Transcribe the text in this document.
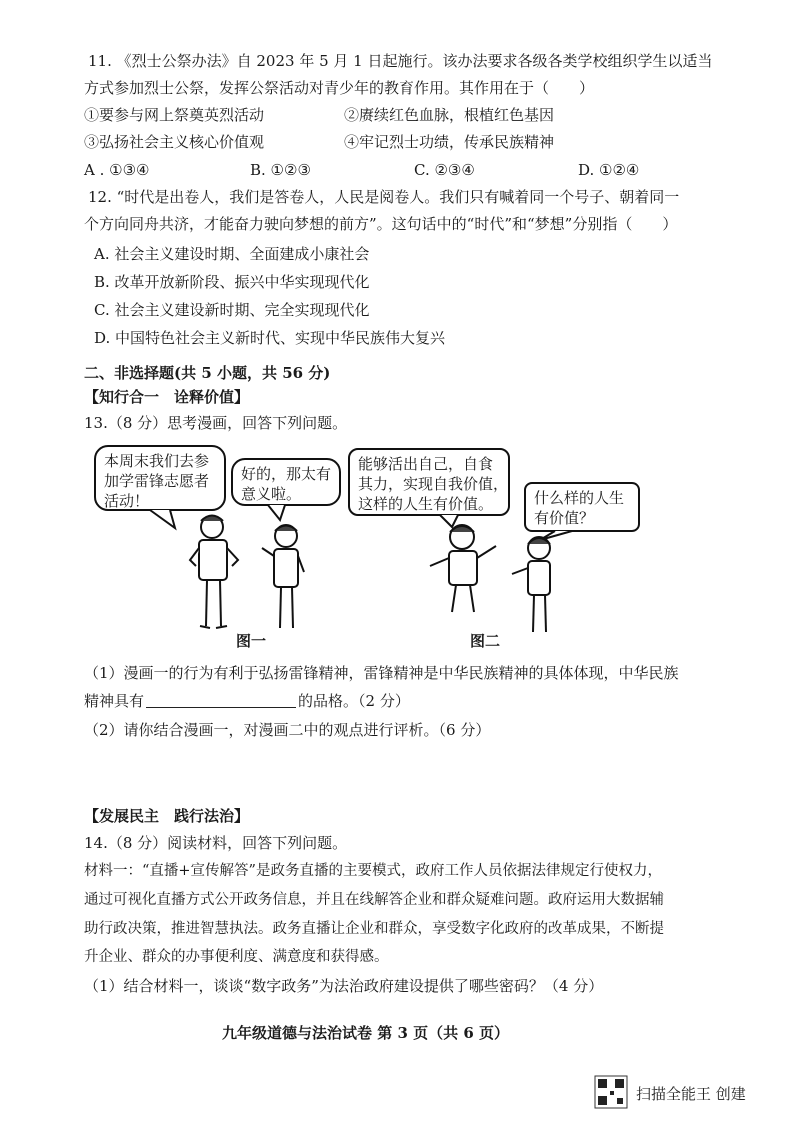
11. 《烈士公祭办法》自 2023 年 5 月 1 日起施行。该办法要求各级各类学校组织学生以适当
方式参加烈士公祭，发挥公祭活动对青少年的教育作用。其作用在于（　　）
①要参与网上祭奠英烈活动	②赓续红色血脉，根植红色基因
③弘扬社会主义核心价值观	④牢记烈士功绩，传承民族精神
A . ①③④	B. ①②③	C. ②③④	D. ①②④
12. “时代是出卷人，我们是答卷人，人民是阅卷人。我们只有喊着同一个号子、朝着同一
个方向同舟共济，才能奋力驶向梦想的前方”。这句话中的“时代”和“梦想”分别指（　　）
A. 社会主义建设时期、全面建成小康社会
B. 改革开放新阶段、振兴中华实现现代化
C. 社会主义建设新时期、完全实现现代化
D. 中国特色社会主义新时代、实现中华民族伟大复兴
二、非选择题(共 5 小题，共 56 分)
【知行合一　诠释价值】
13.（8 分）思考漫画，回答下列问题。
本周末我们去参
加学雷锋志愿者
活动！
好的，那太有
意义啦。
能够活出自己，自食
其力，实现自我价值，
这样的人生有价值。	什么样的人生
有价值？
图一	图二
（1）漫画一的行为有利于弘扬雷锋精神，雷锋精神是中华民族精神的具体体现，中华民族
精神具有	的品格。（2 分）
（2）请你结合漫画一，对漫画二中的观点进行评析。（6 分）
【发展民主　践行法治】
14.（8 分）阅读材料，回答下列问题。
材料一：“直播+宣传解答”是政务直播的主要模式，政府工作人员依据法律规定行使权力，
通过可视化直播方式公开政务信息，并且在线解答企业和群众疑难问题。政府运用大数据辅
助行政决策，推进智慧执法。政务直播让企业和群众，享受数字化政府的改革成果，不断提
升企业、群众的办事便利度、满意度和获得感。
（1）结合材料一，谈谈“数字政务”为法治政府建设提供了哪些密码？（4 分）
九年级道德与法治试卷 第 3 页（共 6 页）
扫描全能王 创建
